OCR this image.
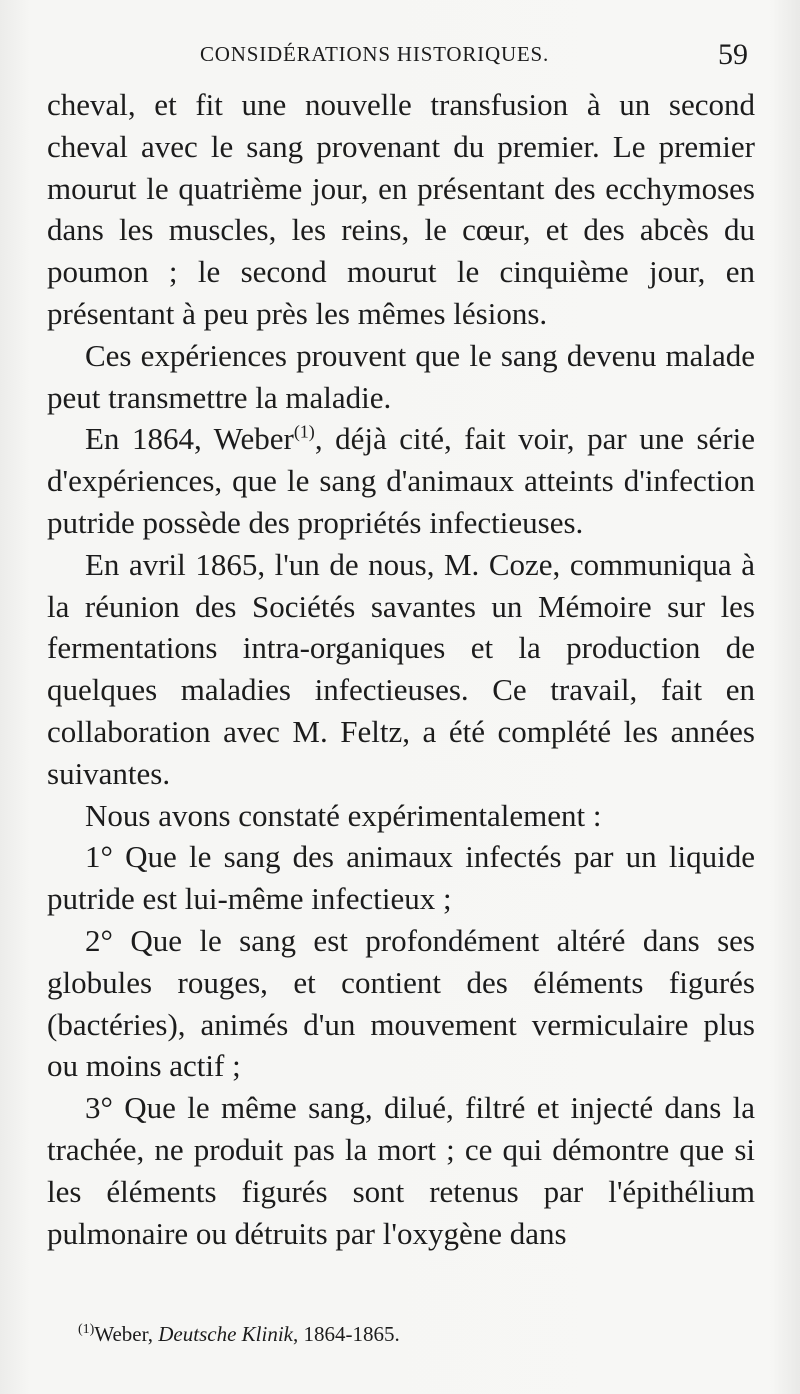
CONSIDÉRATIONS HISTORIQUES.	59

cheval, et fit une nouvelle transfusion à un second cheval avec le sang provenant du premier. Le premier mourut le quatrième jour, en présentant des ecchymoses dans les muscles, les reins, le cœur, et des abcès du poumon ; le second mourut le cinquième jour, en présentant à peu près les mêmes lésions.

Ces expériences prouvent que le sang devenu malade peut transmettre la maladie.

En 1864, Weber$^{(1)}$, déjà cité, fait voir, par une série d'expériences, que le sang d'animaux atteints d'infection putride possède des propriétés infectieuses.

En avril 1865, l'un de nous, M. Coze, communiqua à la réunion des Sociétés savantes un Mémoire sur les fermentations intra-organiques et la production de quelques maladies infectieuses. Ce travail, fait en collaboration avec M. Feltz, a été complété les années suivantes.

Nous avons constaté expérimentalement :

1° Que le sang des animaux infectés par un liquide putride est lui-même infectieux ;

2° Que le sang est profondément altéré dans ses globules rouges, et contient des éléments figurés (bactéries), animés d'un mouvement vermiculaire plus ou moins actif ;

3° Que le même sang, dilué, filtré et injecté dans la trachée, ne produit pas la mort ; ce qui démontre que si les éléments figurés sont retenus par l'épithélium pulmonaire ou détruits par l'oxygène dans

$^{(1)}$Weber, Deutsche Klinik, 1864-1865.
